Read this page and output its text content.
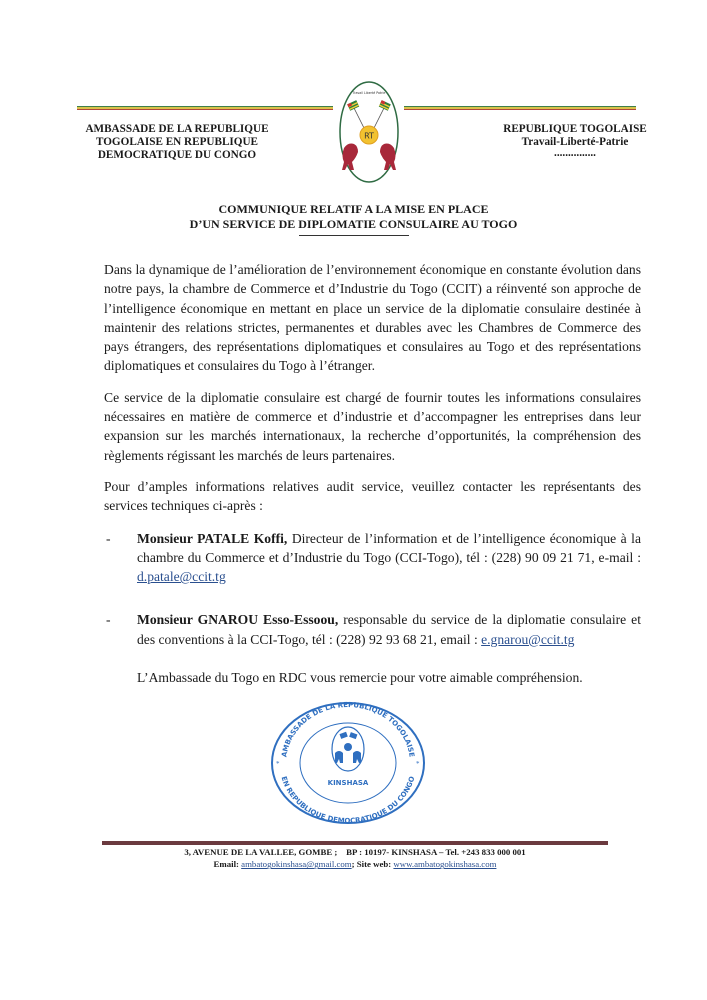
AMBASSADE DE LA REPUBLIQUE
TOGOLAISE EN REPUBLIQUE
DEMOCRATIQUE DU CONGO
Travail Liberté Patrie
RT
REPUBLIQUE TOGOLAISE
Travail-Liberté-Patrie
...............
COMMUNIQUE RELATIF A LA MISE EN PLACE
D’UN SERVICE DE DIPLOMATIE CONSULAIRE AU TOGO

Dans la dynamique de l’amélioration de l’environnement économique en constante évolution dans notre pays, la chambre de Commerce et d’Industrie du Togo (CCIT) a réinventé son approche de l’intelligence économique en mettant en place un service de la diplomatie consulaire destinée à maintenir des relations strictes, permanentes et durables avec les Chambres de Commerce des pays étrangers, des représentations diplomatiques et consulaires au Togo et des représentations diplomatiques et consulaires du Togo à l’étranger.

Ce service de la diplomatie consulaire est chargé de fournir toutes les informations consulaires nécessaires en matière de commerce et d’industrie et d’accompagner les entreprises dans leur expansion sur les marchés internationaux, la recherche d’opportunités, la compréhension des règlements régissant les marchés de leurs partenaires.

Pour d’amples informations relatives audit service, veuillez contacter les représentants des services techniques ci-après :

- Monsieur PATALE Koffi, Directeur de l’information et de l’intelligence économique à la chambre du Commerce et d’Industrie du Togo (CCI-Togo), tél : (228) 90 09 21 71, e-mail : d.patale@ccit.tg
- Monsieur GNAROU Esso-Essoou, responsable du service de la diplomatie consulaire et des conventions à la CCI-Togo, tél : (228) 92 93 68 21, email : e.gnarou@ccit.tg

L’Ambassade du Togo en RDC vous remercie pour votre aimable compréhension.

AMBASSADE DE LA REPUBLIQUE TOGOLAISE
EN REPUBLIQUE DEMOCRATIQUE DU CONGO
KINSHASA
*	*
3, AVENUE DE LA VALLEE, GOMBE ;    BP : 10197- KINSHASA – Tel. +243 833 000 001
Email: ambatogokinshasa@gmail.com; Site web: www.ambatogokinshasa.com
